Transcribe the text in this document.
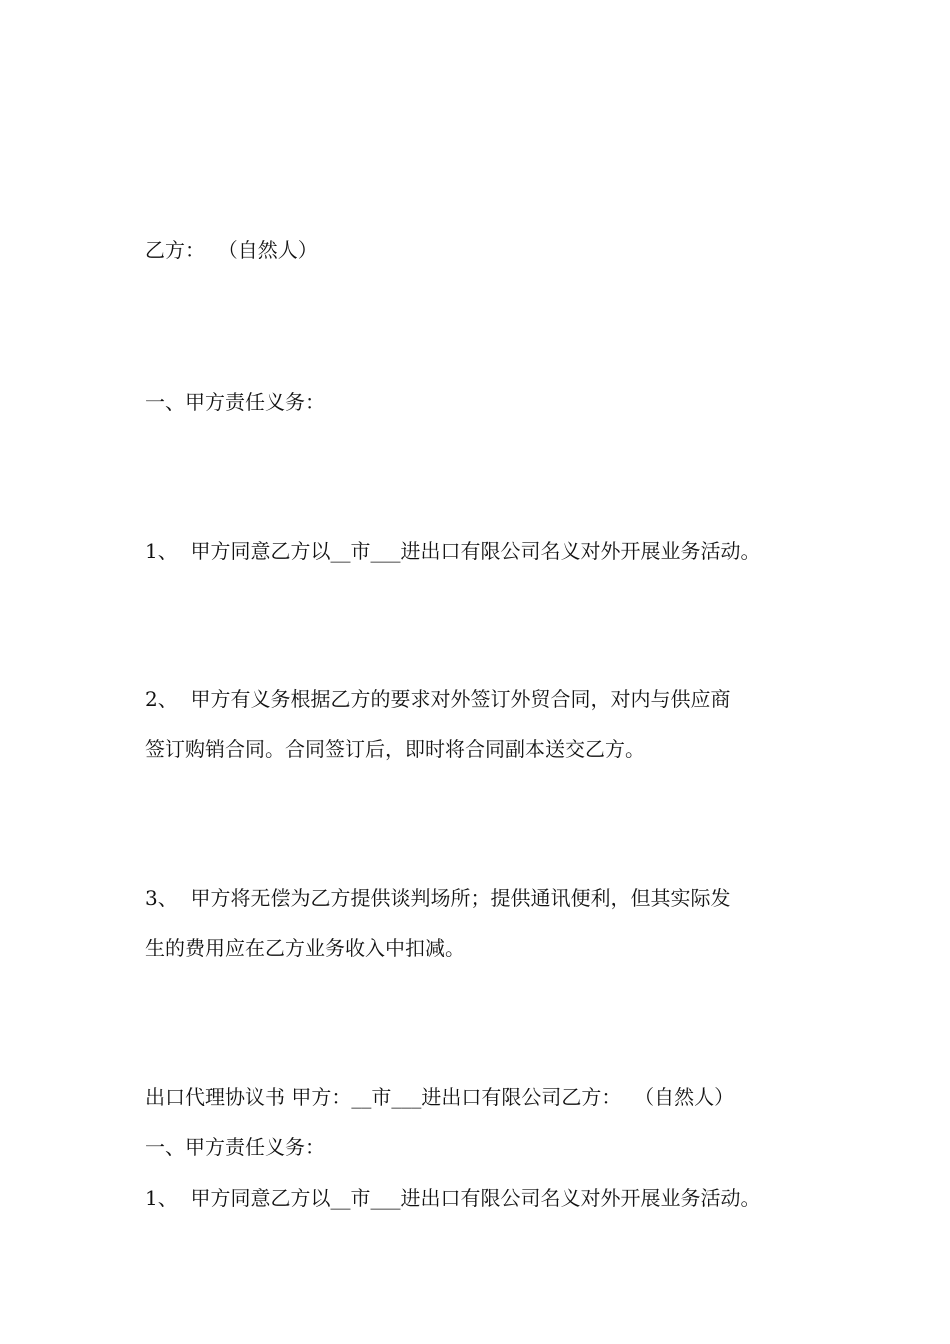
乙方：  （自然人）

一、甲方责任义务：

1、  甲方同意乙方以__市___进出口有限公司名义对外开展业务活动。

2、  甲方有义务根据乙方的要求对外签订外贸合同，对内与供应商

签订购销合同。合同签订后，即时将合同副本送交乙方。

3、  甲方将无偿为乙方提供谈判场所；提供通讯便利，但其实际发

生的费用应在乙方业务收入中扣减。

出口代理协议书 甲方：__市___进出口有限公司乙方：  （自然人）

一、甲方责任义务：

1、  甲方同意乙方以__市___进出口有限公司名义对外开展业务活动。
